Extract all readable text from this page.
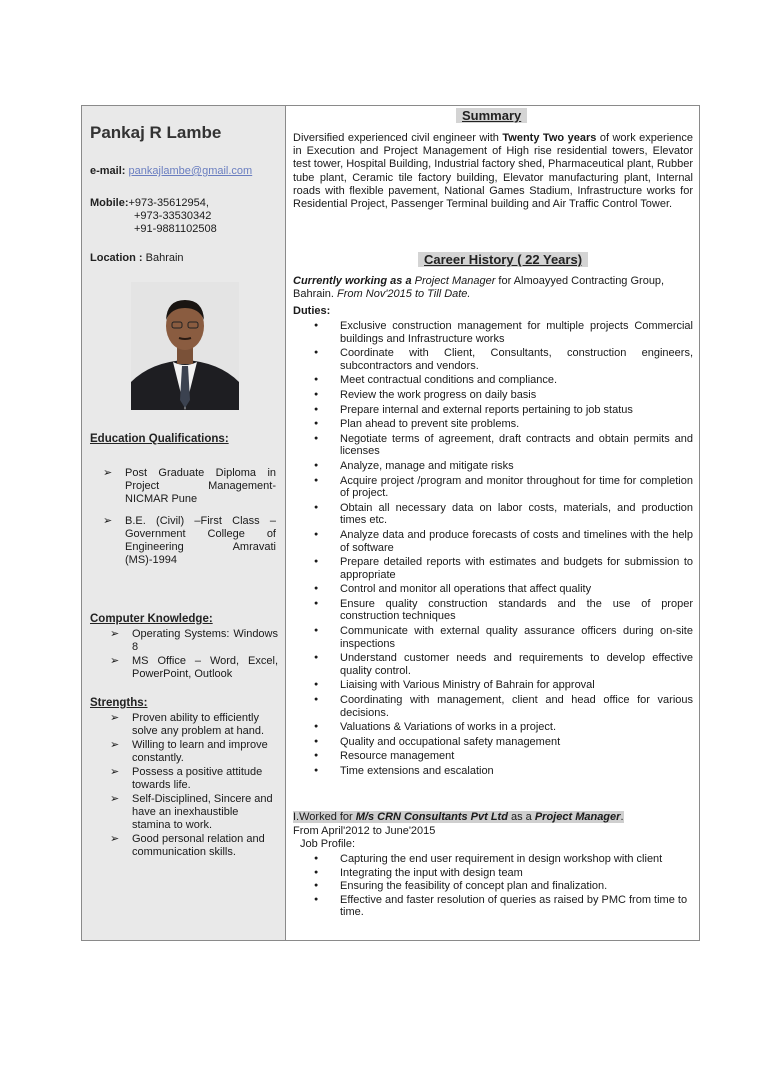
Pankaj R Lambe
e-mail: pankajlambe@gmail.com
Mobile:+973-35612954,
+973-33530342
+91-9881102508
Location : Bahrain
Education Qualifications:
➢ Post Graduate Diploma in Project Management- NICMAR Pune
➢ B.E. (Civil) –First Class –Government College of Engineering Amravati (MS)-1994
Computer Knowledge:
➢ Operating Systems: Windows 8
➢ MS Office – Word, Excel, PowerPoint, Outlook
Strengths:
➢ Proven ability to efficiently solve any problem at hand.
➢ Willing to learn and improve constantly.
➢ Possess a positive attitude towards life.
➢ Self-Disciplined, Sincere and have an inexhaustible stamina to work.
➢ Good personal relation and communication skills.
Summary
Diversified experienced civil engineer with Twenty Two years of work experience in Execution and Project Management of High rise residential towers, Elevator test tower, Hospital Building, Industrial factory shed, Pharmaceutical plant, Rubber tube plant, Ceramic tile factory building, Elevator manufacturing plant, Internal roads with flexible pavement, National Games Stadium, Infrastructure works for Residential Project, Passenger Terminal building and Air Traffic Control Tower.
Career History ( 22 Years)
Currently working as a Project Manager for Almoayyed Contracting Group, Bahrain. From Nov'2015 to Till Date.
Duties:
● Exclusive construction management for multiple projects Commercial buildings and Infrastructure works
● Coordinate with Client, Consultants, construction engineers, subcontractors and vendors.
● Meet contractual conditions and compliance.
● Review the work progress on daily basis
● Prepare internal and external reports pertaining to job status
● Plan ahead to prevent site problems.
● Negotiate terms of agreement, draft contracts and obtain permits and licenses
● Analyze, manage and mitigate risks
● Acquire project /program and monitor throughout for time for completion of project.
● Obtain all necessary data on labor costs, materials, and production times etc.
● Analyze data and produce forecasts of costs and timelines with the help of software
● Prepare detailed reports with estimates and budgets for submission to appropriate
● Control and monitor all operations that affect quality
● Ensure quality construction standards and the use of proper construction techniques
● Communicate with external quality assurance officers during on-site inspections
● Understand customer needs and requirements to develop effective quality control.
● Liaising with Various Ministry of Bahrain for approval
● Coordinating with management, client and head office for various decisions.
● Valuations & Variations of works in a project.
● Quality and occupational safety management
● Resource management
● Time extensions and escalation
I.Worked for M/s CRN Consultants Pvt Ltd as a Project Manager.
From April'2012 to June'2015
Job Profile:
● Capturing the end user requirement in design workshop with client
● Integrating the input with design team
● Ensuring the feasibility of concept plan and finalization.
● Effective and faster resolution of queries as raised by PMC from time to time.
